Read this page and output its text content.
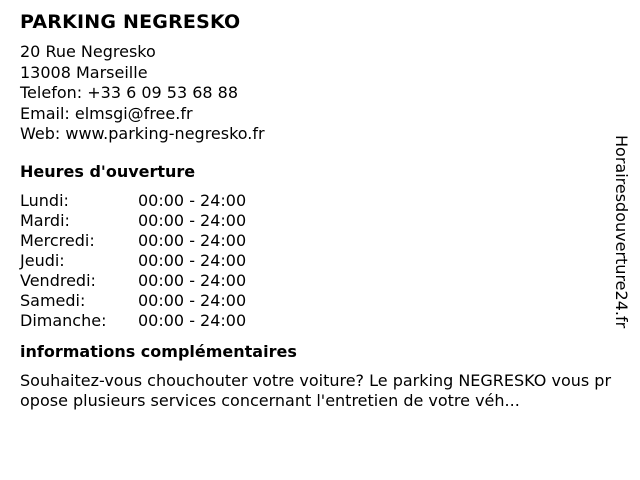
PARKING NEGRESKO
20 Rue Negresko
13008 Marseille
Telefon: +33 6 09 53 68 88
Email: elmsgi@free.fr
Web: www.parking-negresko.fr
Heures d'ouverture
Lundi:	00:00 - 24:00
Mardi:	00:00 - 24:00
Mercredi:	00:00 - 24:00
Jeudi:	00:00 - 24:00
Vendredi:	00:00 - 24:00
Samedi:	00:00 - 24:00
Dimanche:	00:00 - 24:00
informations complémentaires
Souhaitez-vous chouchouter votre voiture? Le parking NEGRESKO vous propose plusieurs services concernant l'entretien de votre véh...
Horairesdouverture24.fr
